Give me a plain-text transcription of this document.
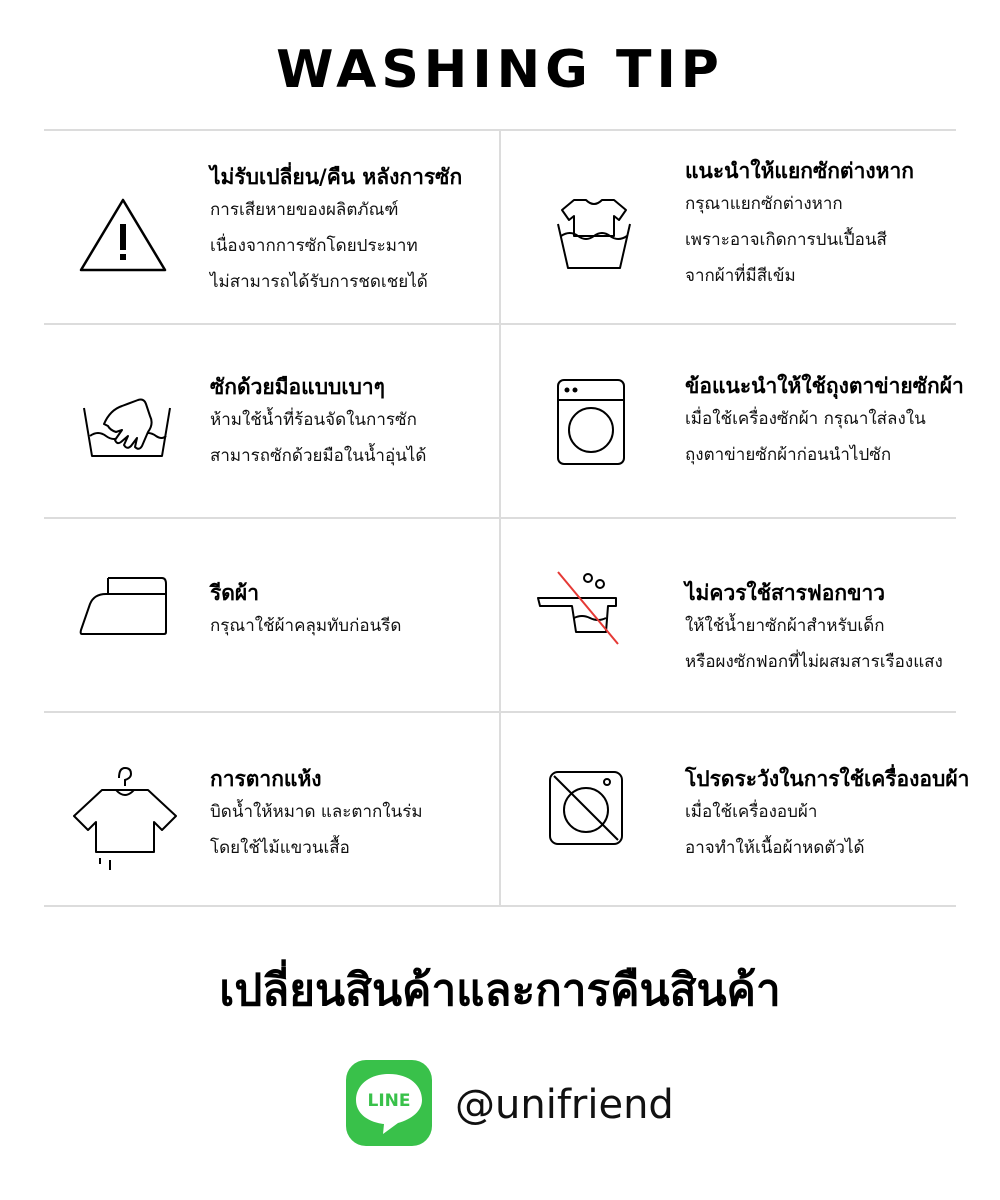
WASHING TIP
ไม่รับเปลี่ยน/คืน หลังการซัก
การเสียหายของผลิตภัณฑ์
เนื่องจากการซักโดยประมาท
ไม่สามารถได้รับการชดเชยได้
แนะนำให้แยกซักต่างหาก
กรุณาแยกซักต่างหาก
เพราะอาจเกิดการปนเปื้อนสี
จากผ้าที่มีสีเข้ม
ซักด้วยมือแบบเบาๆ
ห้ามใช้น้ำที่ร้อนจัดในการซัก
สามารถซักด้วยมือในน้ำอุ่นได้
ข้อแนะนำให้ใช้ถุงตาข่ายซักผ้า
เมื่อใช้เครื่องซักผ้า กรุณาใส่ลงใน
ถุงตาข่ายซักผ้าก่อนนำไปซัก
รีดผ้า
กรุณาใช้ผ้าคลุมทับก่อนรีด
ไม่ควรใช้สารฟอกขาว
ให้ใช้น้ำยาซักผ้าสำหรับเด็ก
หรือผงซักฟอกที่ไม่ผสมสารเรืองแสง
การตากแห้ง
บิดน้ำให้หมาด และตากในร่ม
โดยใช้ไม้แขวนเสื้อ
โปรดระวังในการใช้เครื่องอบผ้า
เมื่อใช้เครื่องอบผ้า
อาจทำให้เนื้อผ้าหดตัวได้
เปลี่ยนสินค้าและการคืนสินค้า
LINE @unifriend
